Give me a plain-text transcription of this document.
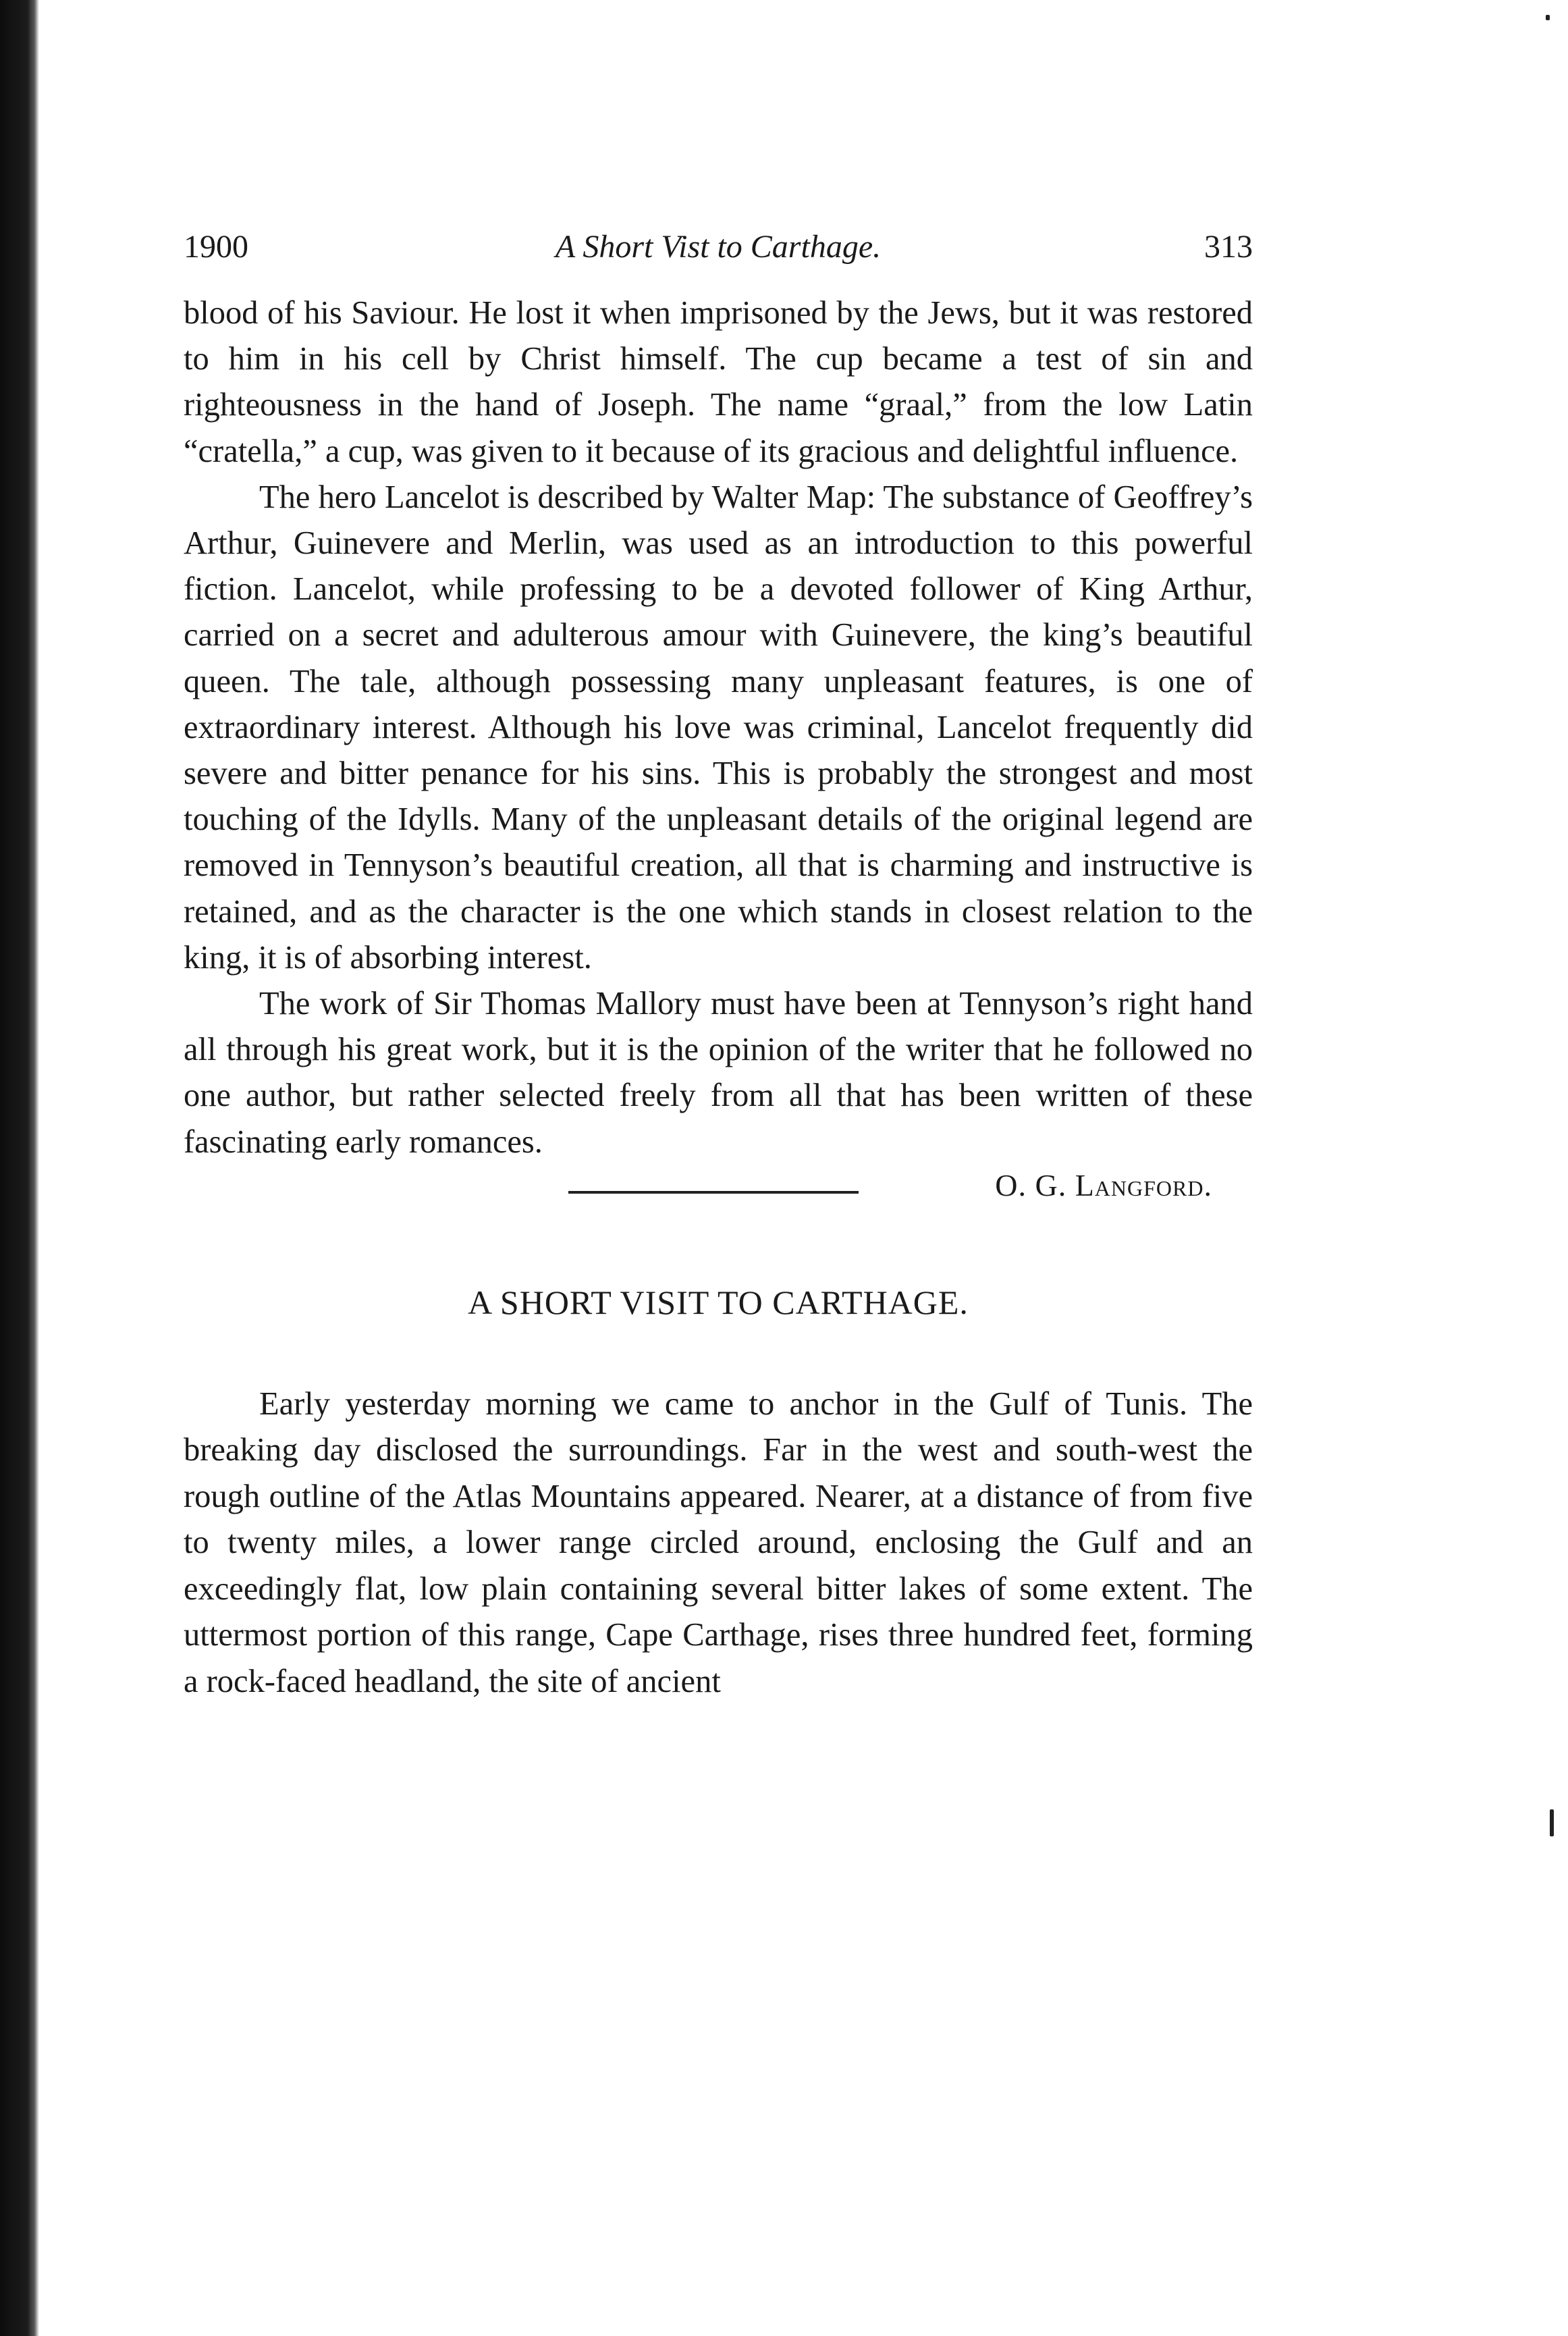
1900	A Short Vist to Carthage.	313

blood of his Saviour. He lost it when imprisoned by the Jews, but it was restored to him in his cell by Christ himself. The cup became a test of sin and righteousness in the hand of Joseph. The name “graal,” from the low Latin “cratella,” a cup, was given to it because of its gracious and delightful influence.

The hero Lancelot is described by Walter Map: The substance of Geoffrey’s Arthur, Guinevere and Merlin, was used as an introduction to this powerful fiction. Lancelot, while professing to be a devoted follower of King Arthur, carried on a secret and adulterous amour with Guinevere, the king’s beautiful queen. The tale, although possessing many unpleasant features, is one of extraordinary interest. Although his love was criminal, Lancelot frequently did severe and bitter penance for his sins. This is probably the strongest and most touching of the Idylls. Many of the unpleasant details of the original legend are removed in Tennyson’s beautiful creation, all that is charming and instructive is retained, and as the character is the one which stands in closest relation to the king, it is of absorbing interest.

The work of Sir Thomas Mallory must have been at Tennyson’s right hand all through his great work, but it is the opinion of the writer that he followed no one author, but rather selected freely from all that has been written of these fascinating early romances.

O. G. Langford.
A SHORT VISIT TO CARTHAGE.

Early yesterday morning we came to anchor in the Gulf of Tunis. The breaking day disclosed the surroundings. Far in the west and south-west the rough outline of the Atlas Mountains appeared. Nearer, at a distance of from five to twenty miles, a lower range circled around, enclosing the Gulf and an exceedingly flat, low plain containing several bitter lakes of some extent. The uttermost portion of this range, Cape Carthage, rises three hundred feet, forming a rock-faced headland, the site of ancient
